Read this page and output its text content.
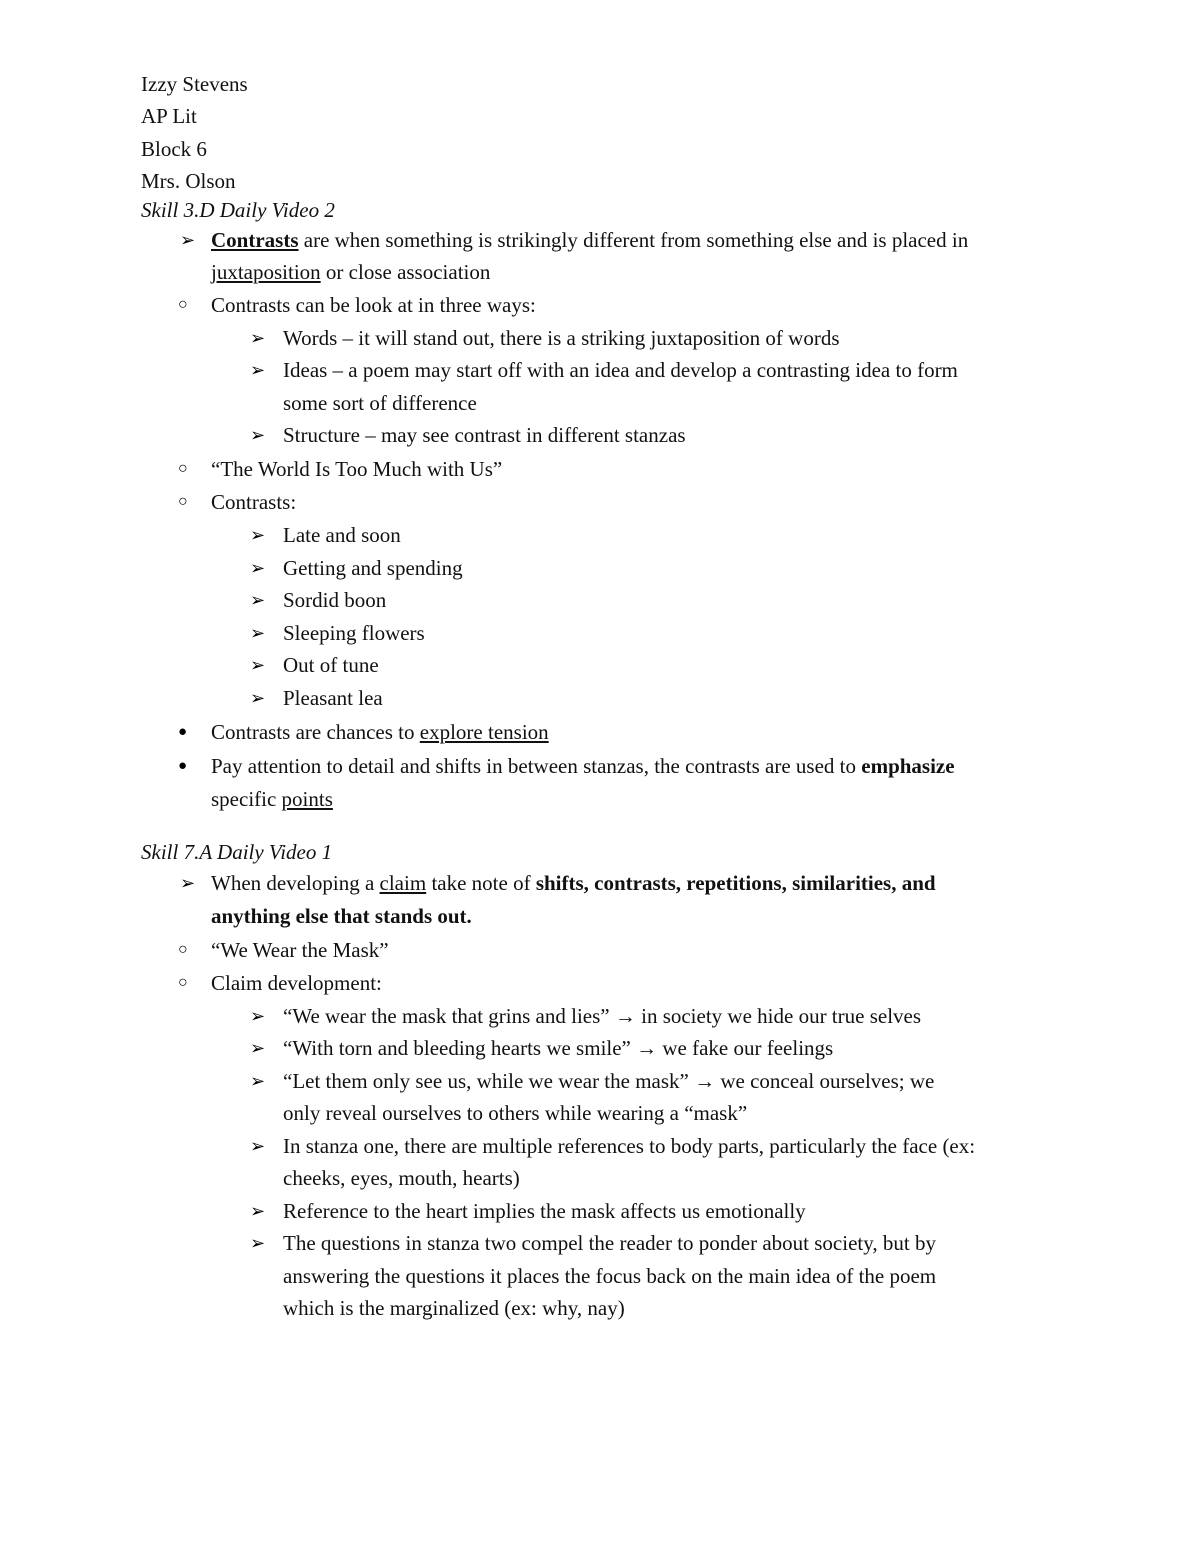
Izzy Stevens
AP Lit
Block 6
Mrs. Olson
Skill 3.D Daily Video 2
➢ Contrasts are when something is strikingly different from something else and is placed in
juxtaposition or close association
○	Contrasts can be look at in three ways:
➢ Words – it will stand out, there is a striking juxtaposition of words
➢ Ideas – a poem may start off with an idea and develop a contrasting idea to form
some sort of difference
➢ Structure – may see contrast in different stanzas
○	“The World Is Too Much with Us”
○	Contrasts:
➢ Late and soon
➢ Getting and spending
➢ Sordid boon
➢ Sleeping flowers
➢ Out of tune
➢ Pleasant lea
●	Contrasts are chances to explore tension
●	Pay attention to detail and shifts in between stanzas, the contrasts are used to emphasize
specific points
Skill 7.A Daily Video 1
➢ When developing a claim take note of shifts, contrasts, repetitions, similarities, and
anything else that stands out.
○	“We Wear the Mask”
○	Claim development:
➢ “We wear the mask that grins and lies” → in society we hide our true selves
➢ “With torn and bleeding hearts we smile” → we fake our feelings
➢ “Let them only see us, while we wear the mask” → we conceal ourselves; we
only reveal ourselves to others while wearing a “mask”
➢ In stanza one, there are multiple references to body parts, particularly the face (ex:
cheeks, eyes, mouth, hearts)
➢ Reference to the heart implies the mask affects us emotionally
➢ The questions in stanza two compel the reader to ponder about society, but by
answering the questions it places the focus back on the main idea of the poem
which is the marginalized (ex: why, nay)
